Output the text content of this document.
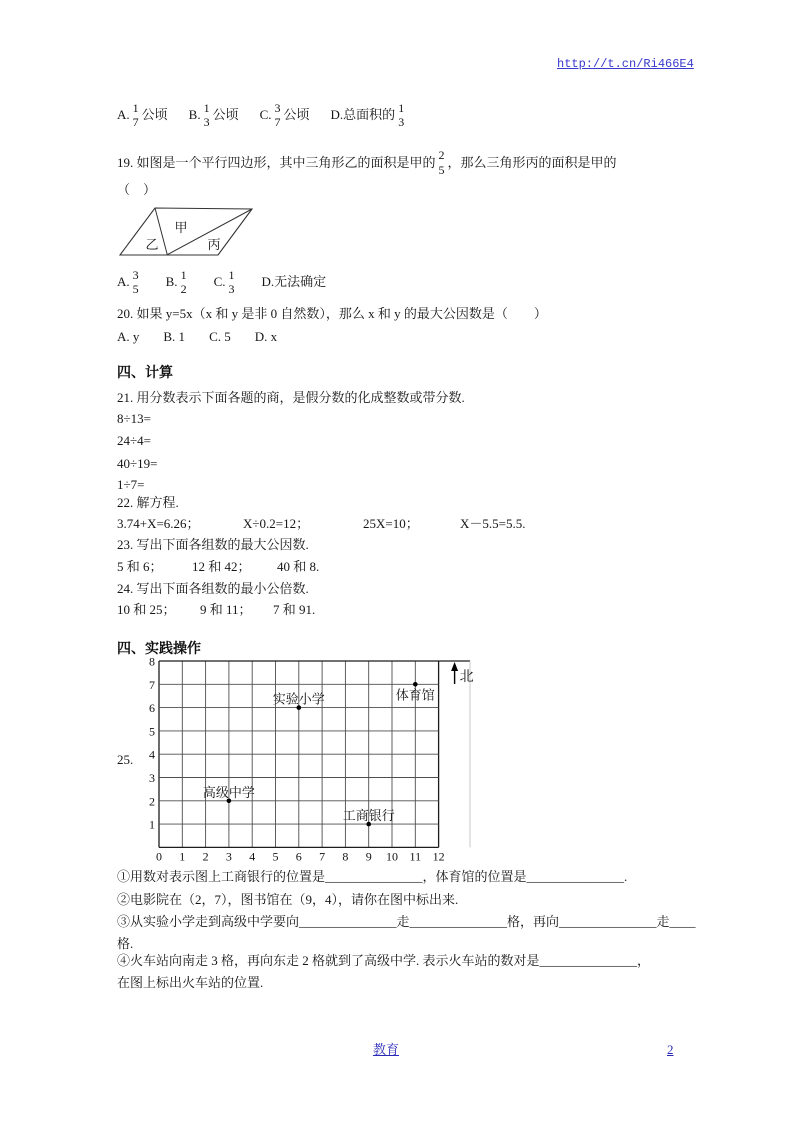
http://t.cn/Ri466E4
A. 1
7 公顷 B. 1
3 公顷 C. 3
7 公顷 D. 总面积的 1
3
19. 如图是一个平行四边形，其中三角形乙的面积是甲的 2
5 ，那么三角形丙的面积是甲的
（　）
甲
乙	丙
A. 3
5 B. 1
2 C. 1
3 D. 无法确定
20. 如果 y=5x（x 和 y 是非 0 自然数），那么 x 和 y 的最大公因数是（　　）
A. y B. 1 C. 5 D. x
四、计算
21. 用分数表示下面各题的商，是假分数的化成整数或带分数.
8÷13=
24÷4=
40÷19=
1÷7=
22. 解方程.
3.74+X=6.26；	X÷0.2=12；	25X=10；	X－5.5=5.5.
23. 写出下面各组数的最大公因数.
5 和 6； 12 和 42； 40 和 8.
24. 写出下面各组数的最小公倍数.
10 和 25； 9 和 11； 7 和 91.
四、实践操作
25.
0 1 2 3 4 5 6 7 8 9 10 11 12
1
2
3
4
5
6
7
8
实验小学	体育馆
高级中学
工商银行
北
①用数对表示图上工商银行的位置是_______________，体育馆的位置是_______________.
②电影院在（2，7），图书馆在（9，4），请你在图中标出来.
③从实验小学走到高级中学要向_______________走_______________格，再向_______________走____
格.
④火车站向南走 3 格，再向东走 2 格就到了高级中学. 表示火车站的数对是_______________，
在图上标出火车站的位置.
教育	2
